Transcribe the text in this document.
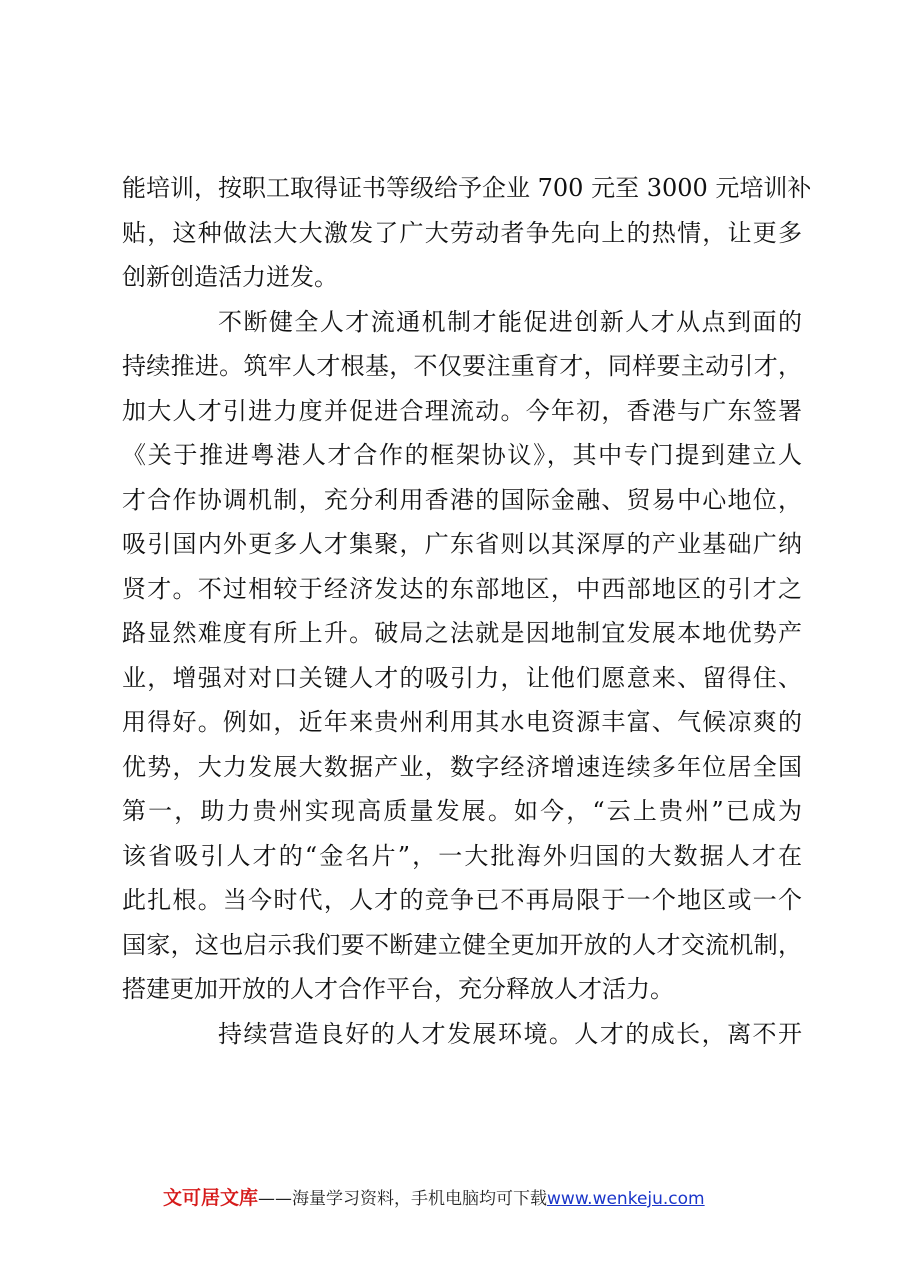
能培训，按职工取得证书等级给予企业 700 元至 3000 元培训补
贴，这种做法大大激发了广大劳动者争先向上的热情，让更多
创新创造活力迸发。
不断健全人才流通机制才能促进创新人才从点到面的
持续推进。筑牢人才根基，不仅要注重育才，同样要主动引才，
加大人才引进力度并促进合理流动。今年初，香港与广东签署
《关于推进粤港人才合作的框架协议》，其中专门提到建立人
才合作协调机制，充分利用香港的国际金融、贸易中心地位，
吸引国内外更多人才集聚，广东省则以其深厚的产业基础广纳
贤才。不过相较于经济发达的东部地区，中西部地区的引才之
路显然难度有所上升。破局之法就是因地制宜发展本地优势产
业，增强对对口关键人才的吸引力，让他们愿意来、留得住、
用得好。例如，近年来贵州利用其水电资源丰富、气候凉爽的
优势，大力发展大数据产业，数字经济增速连续多年位居全国
第一，助力贵州实现高质量发展。如今，“云上贵州”已成为
该省吸引人才的“金名片”，一大批海外归国的大数据人才在
此扎根。当今时代，人才的竞争已不再局限于一个地区或一个
国家，这也启示我们要不断建立健全更加开放的人才交流机制，
搭建更加开放的人才合作平台，充分释放人才活力。
持续营造良好的人才发展环境。人才的成长，离不开
文可居文库——海量学习资料，手机电脑均可下载www.wenkeju.com
